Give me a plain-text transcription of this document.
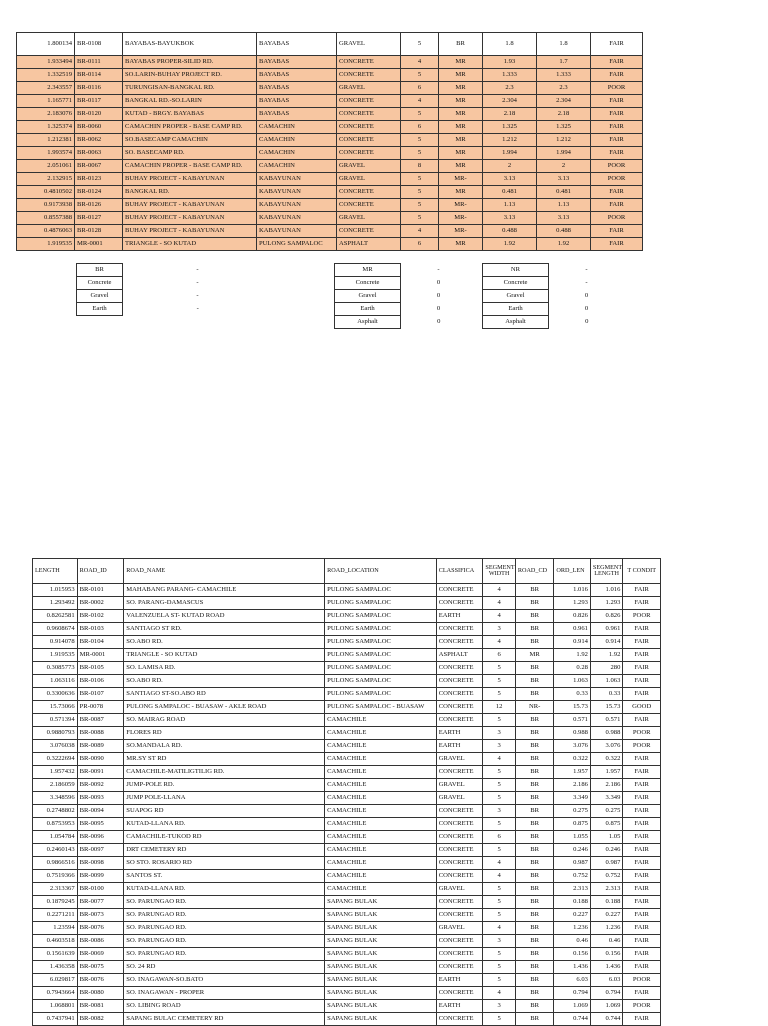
1.800134	BR-0108	BAYABAS-BAYUKBOK	BAYABAS	GRAVEL	5	BR	1.8	1.8	FAIR
1.933494	BR-0111	BAYABAS PROPER-SILID RD.	BAYABAS	CONCRETE	4	MR	1.93	1.7	FAIR
1.332519	BR-0114	SO.LARIN-BUHAY PROJECT RD.	BAYABAS	CONCRETE	5	MR	1.333	1.333	FAIR
2.343557	BR-0116	TURUNGISAN-BANGKAL RD.	BAYABAS	GRAVEL	6	MR	2.3	2.3	POOR
1.165771	BR-0117	BANGKAL RD.-SO.LARIN	BAYABAS	CONCRETE	4	MR	2.304	2.304	FAIR
2.183076	BR-0120	KUTAD - BRGY. BAYABAS	BAYABAS	CONCRETE	5	MR	2.18	2.18	FAIR
1.325374	BR-0060	CAMACHIN PROPER - BASE CAMP RD.	CAMACHIN	CONCRETE	6	MR	1.325	1.325	FAIR
1.212381	BR-0062	SO.BASECAMP CAMACHIN	CAMACHIN	CONCRETE	5	MR	1.212	1.212	FAIR
1.993574	BR-0063	SO. BASECAMP RD.	CAMACHIN	CONCRETE	5	MR	1.994	1.994	FAIR
2.051061	BR-0067	CAMACHIN PROPER - BASE CAMP RD.	CAMACHIN	GRAVEL	8	MR	2	2	POOR
2.132915	BR-0123	BUHAY PROJECT - KABAYUNAN	KABAYUNAN	GRAVEL	5	MR-	3.13	3.13	POOR
0.4810502	BR-0124	BANGKAL RD.	KABAYUNAN	CONCRETE	5	MR	0.481	0.481	FAIR
0.9173938	BR-0126	BUHAY PROJECT - KABAYUNAN	KABAYUNAN	CONCRETE	5	MR-	1.13	1.13	FAIR
0.8557388	BR-0127	BUHAY PROJECT - KABAYUNAN	KABAYUNAN	GRAVEL	5	MR-	3.13	3.13	POOR
0.4876063	BR-0128	BUHAY PROJECT - KABAYUNAN	KABAYUNAN	CONCRETE	4	MR-	0.488	0.488	FAIR
1.919535	MR-0001	TRIANGLE - SO KUTAD	PULONG SAMPALOC	ASPHALT	6	MR	1.92	1.92	FAIR
BR	-
Concrete	-
Gravel	-
Earth	-
MR	-
Concrete	0
Gravel	0
Earth	0
Asphalt	0
NR	-
Concrete	-
Gravel	0
Earth	0
Asphalt	0
LENGTH	ROAD_ID	ROAD_NAME	ROAD_LOCATION	CLASSIFICA	SEGMENT WIDTH	ROAD_CD	ORD_LEN	SEGMENT LENGTH	T CONDIT
1.015953	BR-0101	MAHABANG PARANG- CAMACHILE	PULONG SAMPALOC	CONCRETE	4	BR	1.016	1.016	FAIR
1.293492	BR-0002	SO. PARANG-DAMASCUS	PULONG SAMPALOC	CONCRETE	4	BR	1.293	1.293	FAIR
0.8262581	BR-0102	VALENZUELA ST- KUTAD ROAD	PULONG SAMPALOC	EARTH	4	BR	0.826	0.826	POOR
0.9608674	BR-0103	SANTIAGO ST RD.	PULONG SAMPALOC	CONCRETE	3	BR	0.961	0.961	FAIR
0.914078	BR-0104	SO.ABO RD.	PULONG SAMPALOC	CONCRETE	4	BR	0.914	0.914	FAIR
1.919535	MR-0001	TRIANGLE - SO KUTAD	PULONG SAMPALOC	ASPHALT	6	MR	1.92	1.92	FAIR
0.3085773	BR-0105	SO. LAMISA RD.	PULONG SAMPALOC	CONCRETE	5	BR	0.28	280	FAIR
1.063116	BR-0106	SO.ABO RD.	PULONG SAMPALOC	CONCRETE	5	BR	1.063	1.063	FAIR
0.3300636	BR-0107	SANTIAGO ST-SO.ABO RD	PULONG SAMPALOC	CONCRETE	5	BR	0.33	0.33	FAIR
15.73066	PR-0078	PULONG SAMPALOC - BUASAW - AKLE ROAD	PULONG SAMPALOC - BUASAW	CONCRETE	12	NR-	15.73	15.73	GOOD
0.571394	BR-0087	SO. MAIRAG ROAD	CAMACHILE	CONCRETE	5	BR	0.571	0.571	FAIR
0.9880793	BR-0088	FLORES RD	CAMACHILE	EARTH	3	BR	0.988	0.988	POOR
3.076038	BR-0089	SO.MANDALA RD.	CAMACHILE	EARTH	3	BR	3.076	3.076	POOR
0.3222694	BR-0090	MR.SY ST RD	CAMACHILE	GRAVEL	4	BR	0.322	0.322	FAIR
1.957432	BR-0091	CAMACHILE-MATILIGTILIG RD.	CAMACHILE	CONCRETE	5	BR	1.957	1.957	FAIR
2.186059	BR-0092	JUMP-POLE RD.	CAMACHILE	GRAVEL	5	BR	2.186	2.186	FAIR
3.348596	BR-0093	JUMP POLE-LLANA	CAMACHILE	GRAVEL	5	BR	3.349	3.349	FAIR
0.2748802	BR-0094	SUAPOG RD	CAMACHILE	CONCRETE	3	BR	0.275	0.275	FAIR
0.8753953	BR-0095	KUTAD-LLANA RD.	CAMACHILE	CONCRETE	5	BR	0.875	0.875	FAIR
1.054784	BR-0096	CAMACHILE-TUKOD RD	CAMACHILE	CONCRETE	6	BR	1.055	1.05	FAIR
0.2460143	BR-0097	DRT CEMETERY RD	CAMACHILE	CONCRETE	5	BR	0.246	0.246	FAIR
0.9866516	BR-0098	SO STO. ROSARIO RD	CAMACHILE	CONCRETE	4	BR	0.987	0.987	FAIR
0.7519366	BR-0099	SANTOS ST.	CAMACHILE	CONCRETE	4	BR	0.752	0.752	FAIR
2.313367	BR-0100	KUTAD-LLANA RD.	CAMACHILE	GRAVEL	5	BR	2.313	2.313	FAIR
0.1879245	BR-0077	SO. PARUNGAO RD.	SAPANG BULAK	CONCRETE	5	BR	0.188	0.188	FAIR
0.2271211	BR-0073	SO. PARUNGAO RD.	SAPANG BULAK	CONCRETE	5	BR	0.227	0.227	FAIR
1.23594	BR-0076	SO. PARUNGAO RD.	SAPANG BULAK	GRAVEL	4	BR	1.236	1.236	FAIR
0.4603518	BR-0086	SO. PARUNGAO RD.	SAPANG BULAK	CONCRETE	3	BR	0.46	0.46	FAIR
0.1561639	BR-0069	SO. PARUNGAO RD.	SAPANG BULAK	CONCRETE	5	BR	0.156	0.156	FAIR
1.436358	BR-0075	SO. 24 RD	SAPANG BULAK	CONCRETE	5	BR	1.436	1.436	FAIR
6.029817	BR-0076	SO. INAGAWAN-SO.BATO	SAPANG BULAK	EARTH	5	BR	6.03	6.03	POOR
0.7943664	BR-0080	SO. INAGAWAN - PROPER	SAPANG BULAK	CONCRETE	4	BR	0.794	0.794	FAIR
1.068801	BR-0081	SO. LIBING ROAD	SAPANG BULAK	EARTH	3	BR	1.069	1.069	POOR
0.7437941	BR-0082	SAPANG BULAC CEMETERY RD	SAPANG BULAK	CONCRETE	5	BR	0.744	0.744	FAIR
